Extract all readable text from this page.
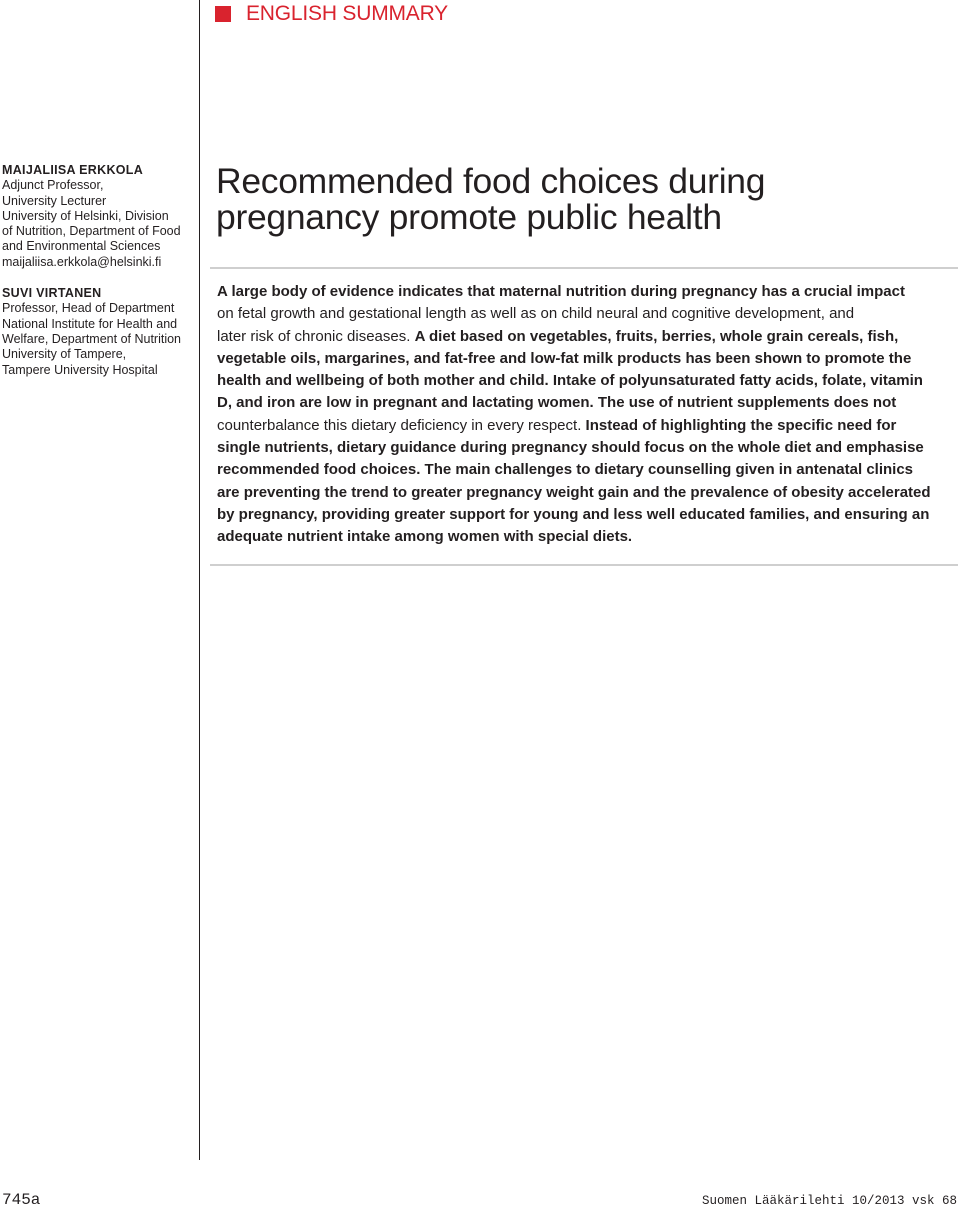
ENGLISH SUMMARY
MAIJALIISA ERKKOLA
Adjunct Professor,
University Lecturer
University of Helsinki, Division
of Nutrition, Department of Food
and Environmental Sciences
maijaliisa.erkkola@helsinki.fi
SUVI VIRTANEN
Professor, Head of Department
National Institute for Health and
Welfare, Department of Nutrition
University of Tampere,
Tampere University Hospital
Recommended food choices during
pregnancy promote public health
A large body of evidence indicates that maternal nutrition during pregnancy has a crucial impact
on fetal growth and gestational length as well as on child neural and cognitive development, and
later risk of chronic diseases. A diet based on vegetables, fruits, berries, whole grain cereals, fish,
vegetable oils, margarines, and fat-free and low-fat milk products has been shown to promote the
health and wellbeing of both mother and child. Intake of polyunsaturated fatty acids, folate, vitamin
D, and iron are low in pregnant and lactating women. The use of nutrient supplements does not
counterbalance this dietary deficiency in every respect. Instead of highlighting the specific need for
single nutrients, dietary guidance during pregnancy should focus on the whole diet and emphasise
recommended food choices. The main challenges to dietary counselling given in antenatal clinics
are preventing the trend to greater pregnancy weight gain and the prevalence of obesity accelerated
by pregnancy, providing greater support for young and less well educated families, and ensuring an
adequate nutrient intake among women with special diets.
745a	Suomen Lääkärilehti 10/2013 vsk 68
